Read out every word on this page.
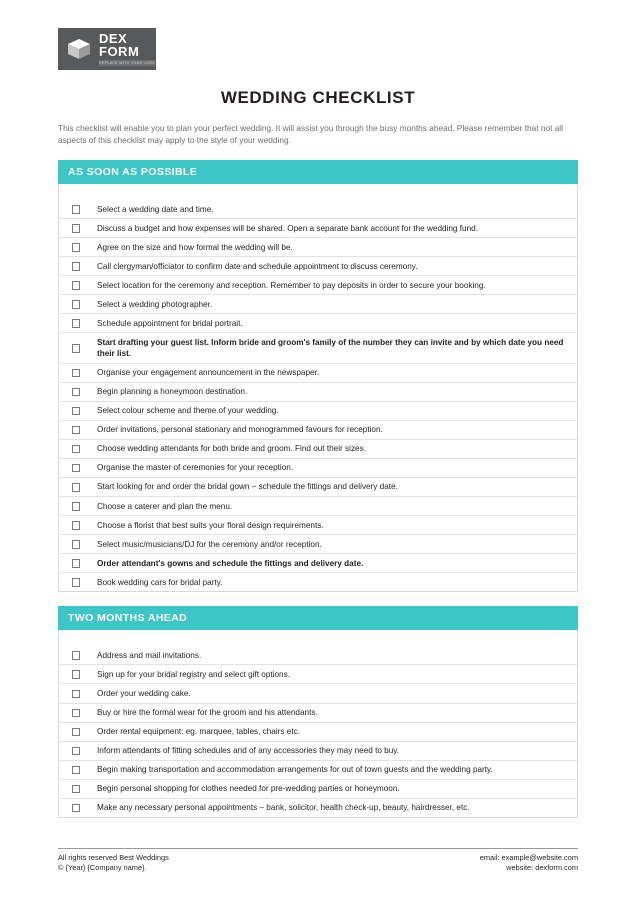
DEX
FORM
REPLACE WITH YOUR LOGO
WEDDING CHECKLIST
This checklist will enable you to plan your perfect wedding. It will assist you through the busy months ahead. Please remember that not all aspects of this checklist may apply to the style of your wedding.
AS SOON AS POSSIBLE

	Select a wedding date and time.
	Discuss a budget and how expenses will be shared. Open a separate bank account for the wedding fund.
	Agree on the size and how formal the wedding will be.
	Call clergyman/officiator to confirm date and schedule appointment to discuss ceremony.
	Select location for the ceremony and reception. Remember to pay deposits in order to secure your booking.
	Select a wedding photographer.
	Schedule appointment for bridal portrait.
	Start drafting your guest list. Inform bride and groom's family of the number they can invite and by which date you need their list.
	Organise your engagement announcement in the newspaper.
	Begin planning a honeymoon destination.
	Select colour scheme and theme of your wedding.
	Order invitations, personal stationary and monogrammed favours for reception.
	Choose wedding attendants for both bride and groom. Find out their sizes.
	Organise the master of ceremonies for your reception.
	Start looking for and order the bridal gown – schedule the fittings and delivery date.
	Choose a caterer and plan the menu.
	Choose a florist that best suits your floral design requirements.
	Select music/musicians/DJ for the ceremony and/or reception.
	Order attendant's gowns and schedule the fittings and delivery date.
	Book wedding cars for bridal party.
TWO MONTHS AHEAD

	Address and mail invitations.
	Sign up for your bridal registry and select gift options.
	Order your wedding cake.
	Buy or hire the formal wear for the groom and his attendants.
	Order rental equipment: eg. marquee, tables, chairs etc.
	Inform attendants of fitting schedules and of any accessories they may need to buy.
	Begin making transportation and accommodation arrangements for out of town guests and the wedding party.
	Begin personal shopping for clothes needed for pre-wedding parties or honeymoon.
	Make any necessary personal appointments – bank, solicitor, health check-up, beauty, hairdresser, etc.
All rights reserved Best Weddings
© {Year} {Company name}.
email: example@website.com
website: dexform.com
